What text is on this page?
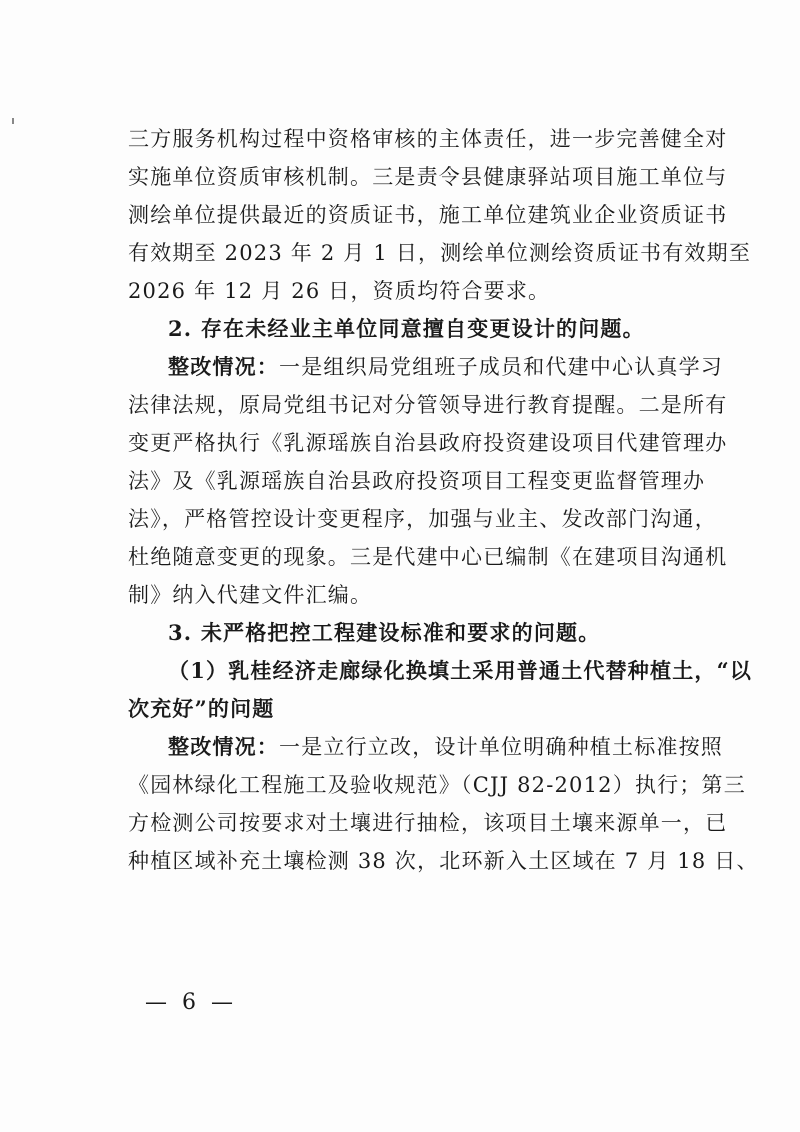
三方服务机构过程中资格审核的主体责任，进一步完善健全对
实施单位资质审核机制。三是责令县健康驿站项目施工单位与
测绘单位提供最近的资质证书，施工单位建筑业企业资质证书
有效期至 2023 年 2 月 1 日，测绘单位测绘资质证书有效期至
2026 年 12 月 26 日，资质均符合要求。
2. 存在未经业主单位同意擅自变更设计的问题。
整改情况：一是组织局党组班子成员和代建中心认真学习
法律法规，原局党组书记对分管领导进行教育提醒。二是所有
变更严格执行《乳源瑶族自治县政府投资建设项目代建管理办
法》及《乳源瑶族自治县政府投资项目工程变更监督管理办
法》，严格管控设计变更程序，加强与业主、发改部门沟通，
杜绝随意变更的现象。三是代建中心已编制《在建项目沟通机
制》纳入代建文件汇编。
3. 未严格把控工程建设标准和要求的问题。
（1）乳桂经济走廊绿化换填土采用普通土代替种植土，“以
次充好”的问题
整改情况：一是立行立改，设计单位明确种植土标准按照
《园林绿化工程施工及验收规范》（CJJ 82-2012）执行；第三
方检测公司按要求对土壤进行抽检，该项目土壤来源单一，已
种植区域补充土壤检测 38 次，北环新入土区域在 7 月 18 日、
— 6 —
